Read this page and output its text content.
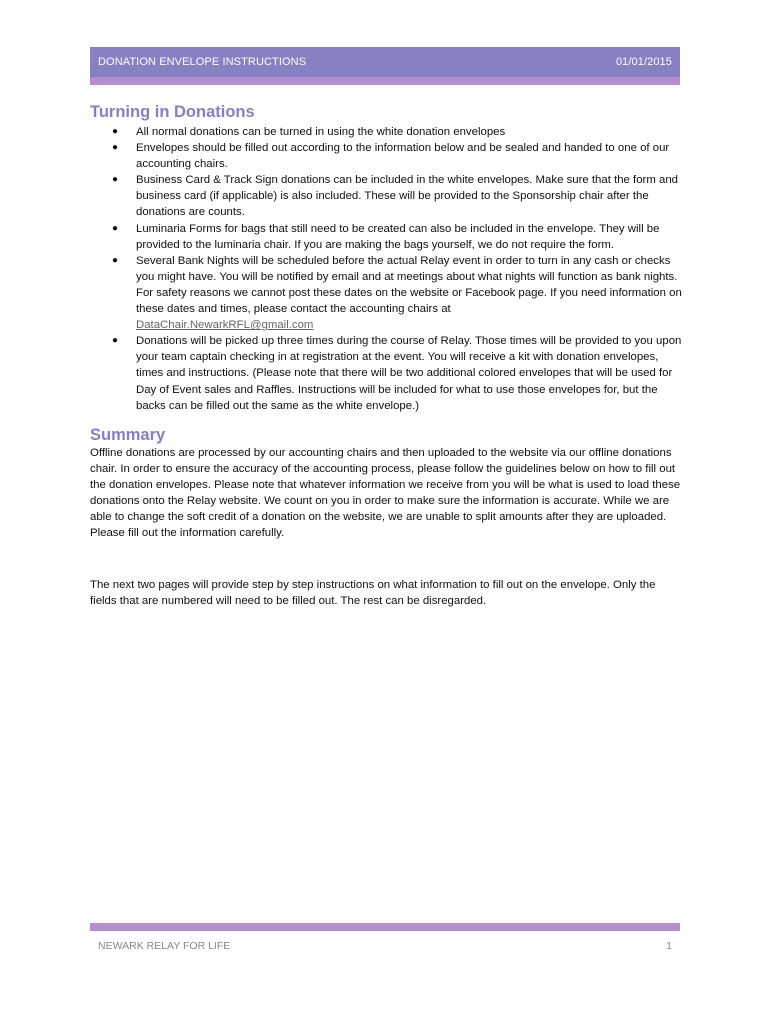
DONATION ENVELOPE INSTRUCTIONS	01/01/2015
Turning in Donations
● All normal donations can be turned in using the white donation envelopes
● Envelopes should be filled out according to the information below and be sealed and handed to one of our accounting chairs.
● Business Card & Track Sign donations can be included in the white envelopes. Make sure that the form and business card (if applicable) is also included. These will be provided to the Sponsorship chair after the donations are counts.
● Luminaria Forms for bags that still need to be created can also be included in the envelope. They will be provided to the luminaria chair. If you are making the bags yourself, we do not require the form.
● Several Bank Nights will be scheduled before the actual Relay event in order to turn in any cash or checks you might have. You will be notified by email and at meetings about what nights will function as bank nights. For safety reasons we cannot post these dates on the website or Facebook page. If you need information on these dates and times, please contact the accounting chairs at
DataChair.NewarkRFL@gmail.com
● Donations will be picked up three times during the course of Relay. Those times will be provided to you upon your team captain checking in at registration at the event. You will receive a kit with donation envelopes, times and instructions. (Please note that there will be two additional colored envelopes that will be used for Day of Event sales and Raffles. Instructions will be included for what to use those envelopes for, but the backs can be filled out the same as the white envelope.)
Summary

Offline donations are processed by our accounting chairs and then uploaded to the website via our offline donations chair. In order to ensure the accuracy of the accounting process, please follow the guidelines below on how to fill out the donation envelopes. Please note that whatever information we receive from you will be what is used to load these donations onto the Relay website. We count on you in order to make sure the information is accurate. While we are able to change the soft credit of a donation on the website, we are unable to split amounts after they are uploaded. Please fill out the information carefully.

The next two pages will provide step by step instructions on what information to fill out on the envelope. Only the fields that are numbered will need to be filled out. The rest can be disregarded.

NEWARK RELAY FOR LIFE	1
